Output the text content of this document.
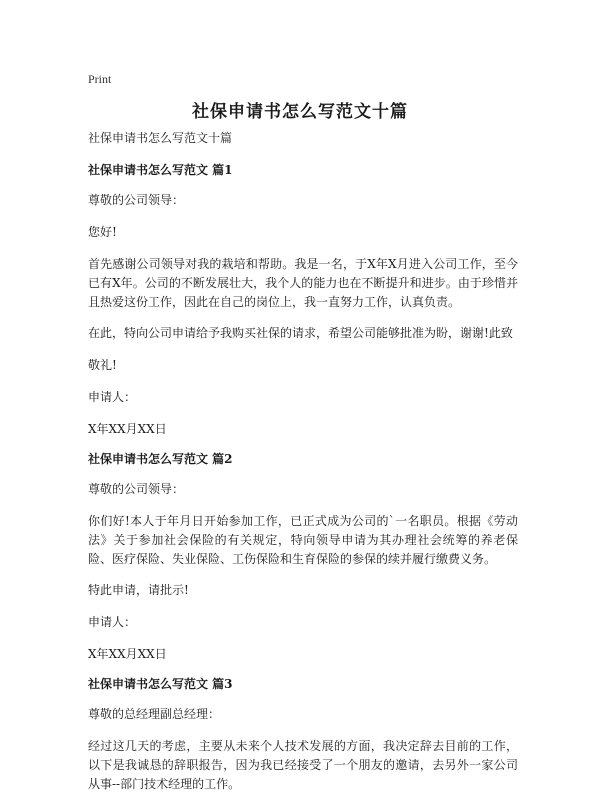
Print
社保申请书怎么写范文十篇

社保申请书怎么写范文十篇

社保申请书怎么写范文 篇1

尊敬的公司领导：

您好!

首先感谢公司领导对我的栽培和帮助。我是一名，于X年X月进入公司工作，至今已有X年。公司的不断发展壮大，我个人的能力也在不断提升和进步。由于珍惜并且热爱这份工作，因此在自己的岗位上，我一直努力工作，认真负责。

在此，特向公司申请给予我购买社保的请求，希望公司能够批准为盼，谢谢!此致

敬礼!

申请人：

X年XX月XX日

社保申请书怎么写范文 篇2

尊敬的公司领导：

你们好!本人于年月日开始参加工作，已正式成为公司的`一名职员。根据《劳动法》关于参加社会保险的有关规定，特向领导申请为其办理社会统筹的养老保险、医疗保险、失业保险、工伤保险和生育保险的参保的续并履行缴费义务。

特此申请，请批示!

申请人：

X年XX月XX日

社保申请书怎么写范文 篇3

尊敬的总经理副总经理：

经过这几天的考虑，主要从未来个人技术发展的方面，我决定辞去目前的工作，以下是我诚恳的辞职报告，因为我已经接受了一个朋友的邀请，去另外一家公司从事--部门技术经理的工作。
